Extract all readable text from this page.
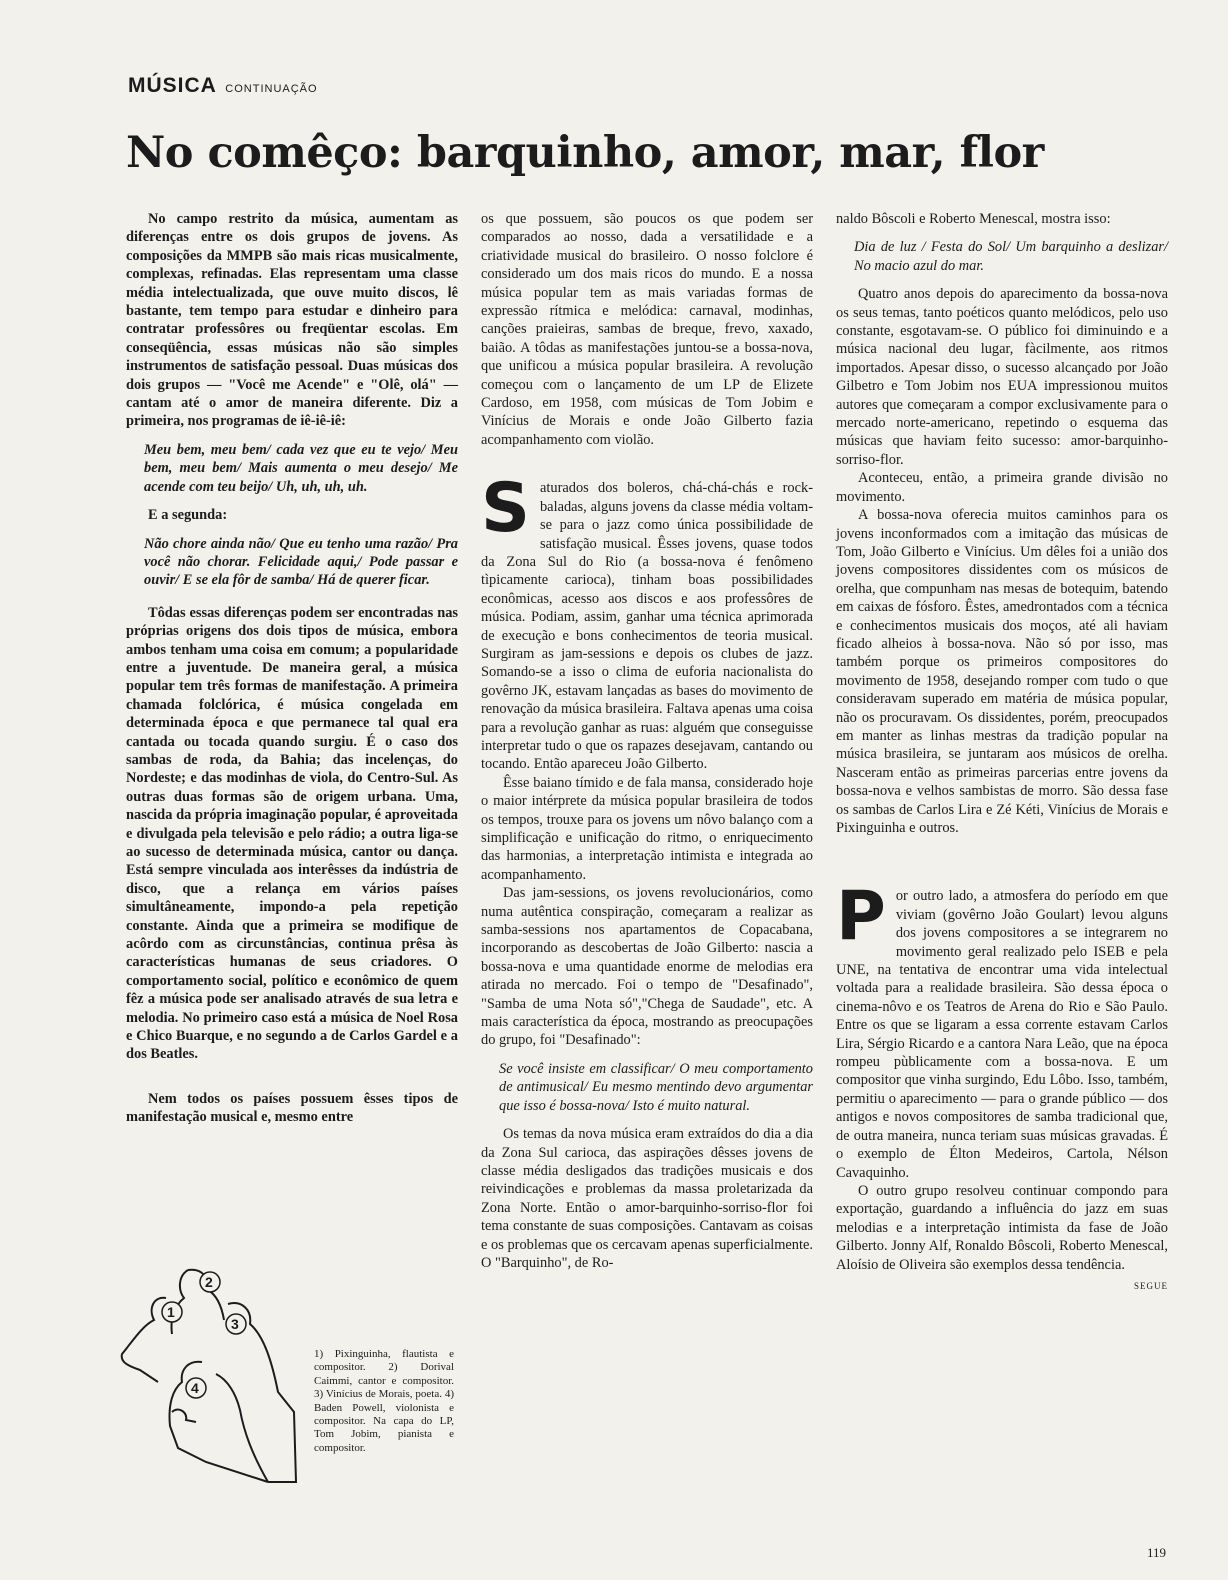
MÚSICA CONTINUAÇÃO
No comêço: barquinho, amor, mar, flor

No campo restrito da música, aumentam as diferenças entre os dois grupos de jovens. As composições da MMPB são mais ricas musicalmente, complexas, refinadas. Elas representam uma classe média intelectualizada, que ouve muito discos, lê bastante, tem tempo para estudar e dinheiro para contratar professôres ou freqüentar escolas. Em conseqüência, essas músicas não são simples instrumentos de satisfação pessoal. Duas músicas dos dois grupos — "Você me Acende" e "Olê, olá" — cantam até o amor de maneira diferente. Diz a primeira, nos programas de iê-iê-iê:

Meu bem, meu bem/ cada vez que eu te vejo/ Meu bem, meu bem/ Mais aumenta o meu desejo/ Me acende com teu beijo/ Uh, uh, uh, uh.

E a segunda:

Não chore ainda não/ Que eu tenho uma razão/ Pra você não chorar. Felicidade aqui,/ Pode passar e ouvir/ E se ela fôr de samba/ Há de querer ficar.

Tôdas essas diferenças podem ser encontradas nas próprias origens dos dois tipos de música, embora ambos tenham uma coisa em comum; a popularidade entre a juventude. De maneira geral, a música popular tem três formas de manifestação. A primeira chamada folclórica, é música congelada em determinada época e que permanece tal qual era cantada ou tocada quando surgiu. É o caso dos sambas de roda, da Bahia; das incelenças, do Nordeste; e das modinhas de viola, do Centro-Sul. As outras duas formas são de origem urbana. Uma, nascida da própria imaginação popular, é aproveitada e divulgada pela televisão e pelo rádio; a outra liga-se ao sucesso de determinada música, cantor ou dança. Está sempre vinculada aos interêsses da indústria de disco, que a relança em vários países simultâneamente, impondo-a pela repetição constante. Ainda que a primeira se modifique de acôrdo com as circunstâncias, continua prêsa às características humanas de seus criadores. O comportamento social, político e econômico de quem fêz a música pode ser analisado através de sua letra e melodia. No primeiro caso está a música de Noel Rosa e Chico Buarque, e no segundo a de Carlos Gardel e a dos Beatles.

Nem todos os países possuem êsses tipos de manifestação musical e, mesmo entre

2
1
3
4
1) Pixinguinha, flautista e compositor. 2) Dorival Caimmi, cantor e compositor. 3) Vinícius de Morais, poeta. 4) Baden Powell, violonista e compositor. Na capa do LP, Tom Jobim, pianista e compositor.

os que possuem, são poucos os que podem ser comparados ao nosso, dada a versatilidade e a criatividade musical do brasileiro. O nosso folclore é considerado um dos mais ricos do mundo. E a nossa música popular tem as mais variadas formas de expressão rítmica e melódica: carnaval, modinhas, canções praieiras, sambas de breque, frevo, xaxado, baião. A tôdas as manifestações juntou-se a bossa-nova, que unificou a música popular brasileira. A revolução começou com o lançamento de um LP de Elizete Cardoso, em 1958, com músicas de Tom Jobim e Vinícius de Morais e onde João Gilberto fazia acompanhamento com violão.

Saturados dos boleros, chá-chá-chás e rock-baladas, alguns jovens da classe média voltam-se para o jazz como única possibilidade de satisfação musical. Êsses jovens, quase todos da Zona Sul do Rio (a bossa-nova é fenômeno tìpicamente carioca), tinham boas possibilidades econômicas, acesso aos discos e aos professôres de música. Podiam, assim, ganhar uma técnica aprimorada de execução e bons conhecimentos de teoria musical. Surgiram as jam-sessions e depois os clubes de jazz. Somando-se a isso o clima de euforia nacionalista do govêrno JK, estavam lançadas as bases do movimento de renovação da música brasileira. Faltava apenas uma coisa para a revolução ganhar as ruas: alguém que conseguisse interpretar tudo o que os rapazes desejavam, cantando ou tocando. Então apareceu João Gilberto.

Êsse baiano tímido e de fala mansa, considerado hoje o maior intérprete da música popular brasileira de todos os tempos, trouxe para os jovens um nôvo balanço com a simplificação e unificação do ritmo, o enriquecimento das harmonias, a interpretação intimista e integrada ao acompanhamento.

Das jam-sessions, os jovens revolucionários, como numa autêntica conspiração, começaram a realizar as samba-sessions nos apartamentos de Copacabana, incorporando as descobertas de João Gilberto: nascia a bossa-nova e uma quantidade enorme de melodias era atirada no mercado. Foi o tempo de "Desafinado", "Samba de uma Nota só","Chega de Saudade", etc. A mais característica da época, mostrando as preocupações do grupo, foi "Desafinado":

Se você insiste em classificar/ O meu comportamento de antimusical/ Eu mesmo mentindo devo argumentar que isso é bossa-nova/ Isto é muito natural.

Os temas da nova música eram extraídos do dia a dia da Zona Sul carioca, das aspirações dêsses jovens de classe média desligados das tradições musicais e dos reivindicações e problemas da massa proletarizada da Zona Norte. Então o amor-barquinho-sorriso-flor foi tema constante de suas composições. Cantavam as coisas e os problemas que os cercavam apenas superficialmente. O "Barquinho", de Ro-

naldo Bôscoli e Roberto Menescal, mostra isso:

Dia de luz / Festa do Sol/ Um barquinho a deslizar/ No macio azul do mar.

Quatro anos depois do aparecimento da bossa-nova os seus temas, tanto poéticos quanto melódicos, pelo uso constante, esgotavam-se. O público foi diminuindo e a música nacional deu lugar, fàcilmente, aos ritmos importados. Apesar disso, o sucesso alcançado por João Gilbetro e Tom Jobim nos EUA impressionou muitos autores que começaram a compor exclusivamente para o mercado norte-americano, repetindo o esquema das músicas que haviam feito sucesso: amor-barquinho-sorriso-flor.

Aconteceu, então, a primeira grande divisão no movimento.

A bossa-nova oferecia muitos caminhos para os jovens inconformados com a imitação das músicas de Tom, João Gilberto e Vinícius. Um dêles foi a união dos jovens compositores dissidentes com os músicos de orelha, que compunham nas mesas de botequim, batendo em caixas de fósforo. Êstes, amedrontados com a técnica e conhecimentos musicais dos moços, até ali haviam ficado alheios à bossa-nova. Não só por isso, mas também porque os primeiros compositores do movimento de 1958, desejando romper com tudo o que consideravam superado em matéria de música popular, não os procuravam. Os dissidentes, porém, preocupados em manter as linhas mestras da tradição popular na música brasileira, se juntaram aos músicos de orelha. Nasceram então as primeiras parcerias entre jovens da bossa-nova e velhos sambistas de morro. São dessa fase os sambas de Carlos Lira e Zé Kéti, Vinícius de Morais e Pixinguinha e outros.

Por outro lado, a atmosfera do período em que viviam (govêrno João Goulart) levou alguns dos jovens compositores a se integrarem no movimento geral realizado pelo ISEB e pela UNE, na tentativa de encontrar uma vida intelectual voltada para a realidade brasileira. São dessa época o cinema-nôvo e os Teatros de Arena do Rio e São Paulo. Entre os que se ligaram a essa corrente estavam Carlos Lira, Sérgio Ricardo e a cantora Nara Leão, que na época rompeu pùblicamente com a bossa-nova. E um compositor que vinha surgindo, Edu Lôbo. Isso, também, permitiu o aparecimento — para o grande público — dos antigos e novos compositores de samba tradicional que, de outra maneira, nunca teriam suas músicas gravadas. É o exemplo de Élton Medeiros, Cartola, Nélson Cavaquinho.

O outro grupo resolveu continuar compondo para exportação, guardando a influência do jazz em suas melodias e a interpretação intimista da fase de João Gilberto. Jonny Alf, Ronaldo Bôscoli, Roberto Menescal, Aloísio de Oliveira são exemplos dessa tendência.
SEGUE

119
